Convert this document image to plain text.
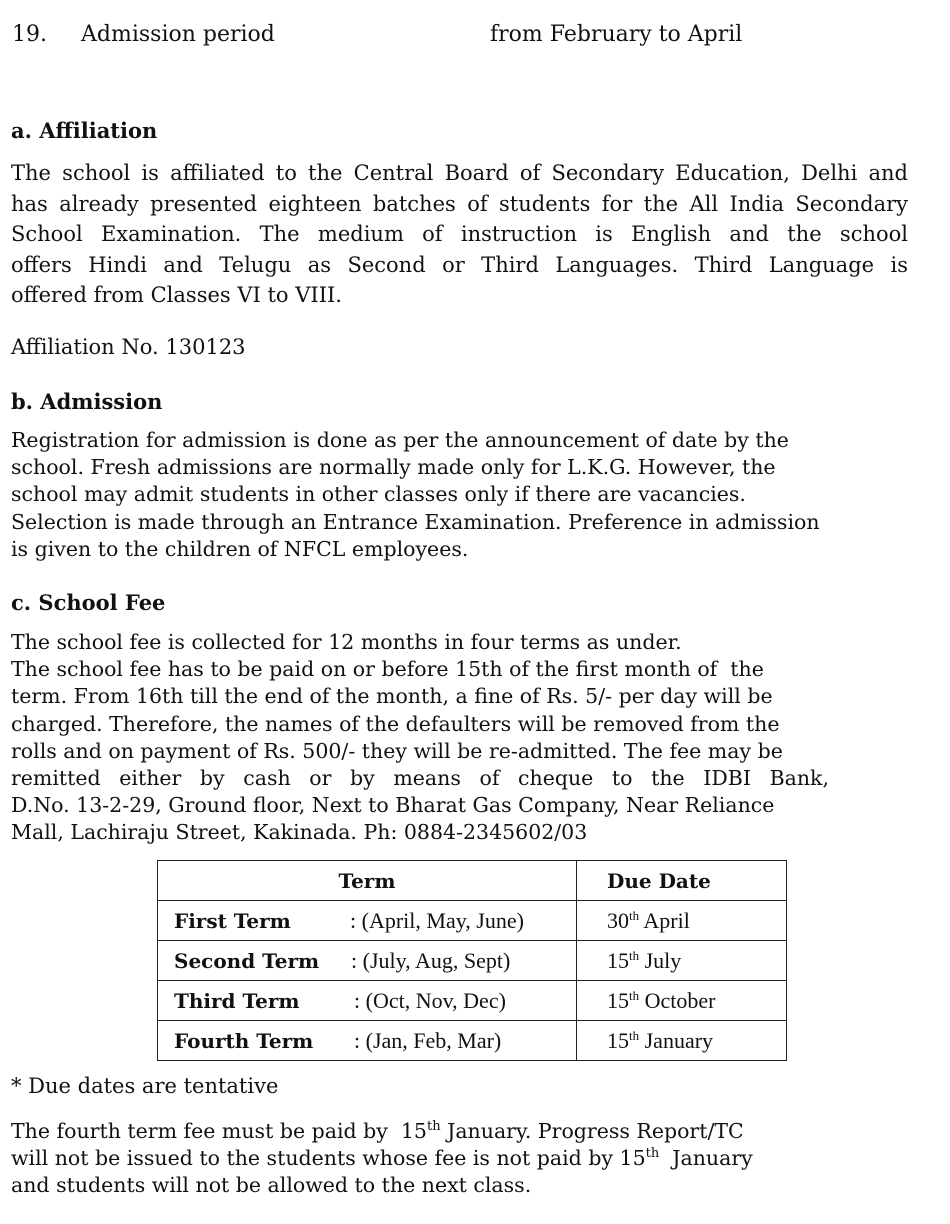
19. Admission period	from February to April
a. Affiliation
The school is affiliated to the Central Board of Secondary Education, Delhi and
has already presented eighteen batches of students for the All India Secondary
School Examination. The medium of instruction is English and the school
offers Hindi and Telugu as Second or Third Languages. Third Language is
offered from Classes VI to VIII.
Affiliation No. 130123
b. Admission
Registration for admission is done as per the announcement of date by the
school. Fresh admissions are normally made only for L.K.G. However, the
school may admit students in other classes only if there are vacancies.
Selection is made through an Entrance Examination. Preference in admission
is given to the children of NFCL employees.
c. School Fee
The school fee is collected for 12 months in four terms as under.
The school fee has to be paid on or before 15th of the first month of  the
term. From 16th till the end of the month, a fine of Rs. 5/- per day will be
charged. Therefore, the names of the defaulters will be removed from the
rolls and on payment of Rs. 500/- they will be re-admitted. The fee may be
remitted either by cash or by means of cheque to the IDBI Bank,
D.No. 13-2-29, Ground floor, Next to Bharat Gas Company, Near Reliance
Mall, Lachiraju Street, Kakinada. Ph: 0884-2345602/03
Term	Due Date

First Term : (April, May, June)	30th April

Second Term : (July, Aug, Sept)	15th July

Third Term : (Oct, Nov, Dec)	15th October

Fourth Term : (Jan, Feb, Mar)	15th January
* Due dates are tentative
The fourth term fee must be paid by  15th January. Progress Report/TC
will not be issued to the students whose fee is not paid by 15th  January
and students will not be allowed to the next class.
